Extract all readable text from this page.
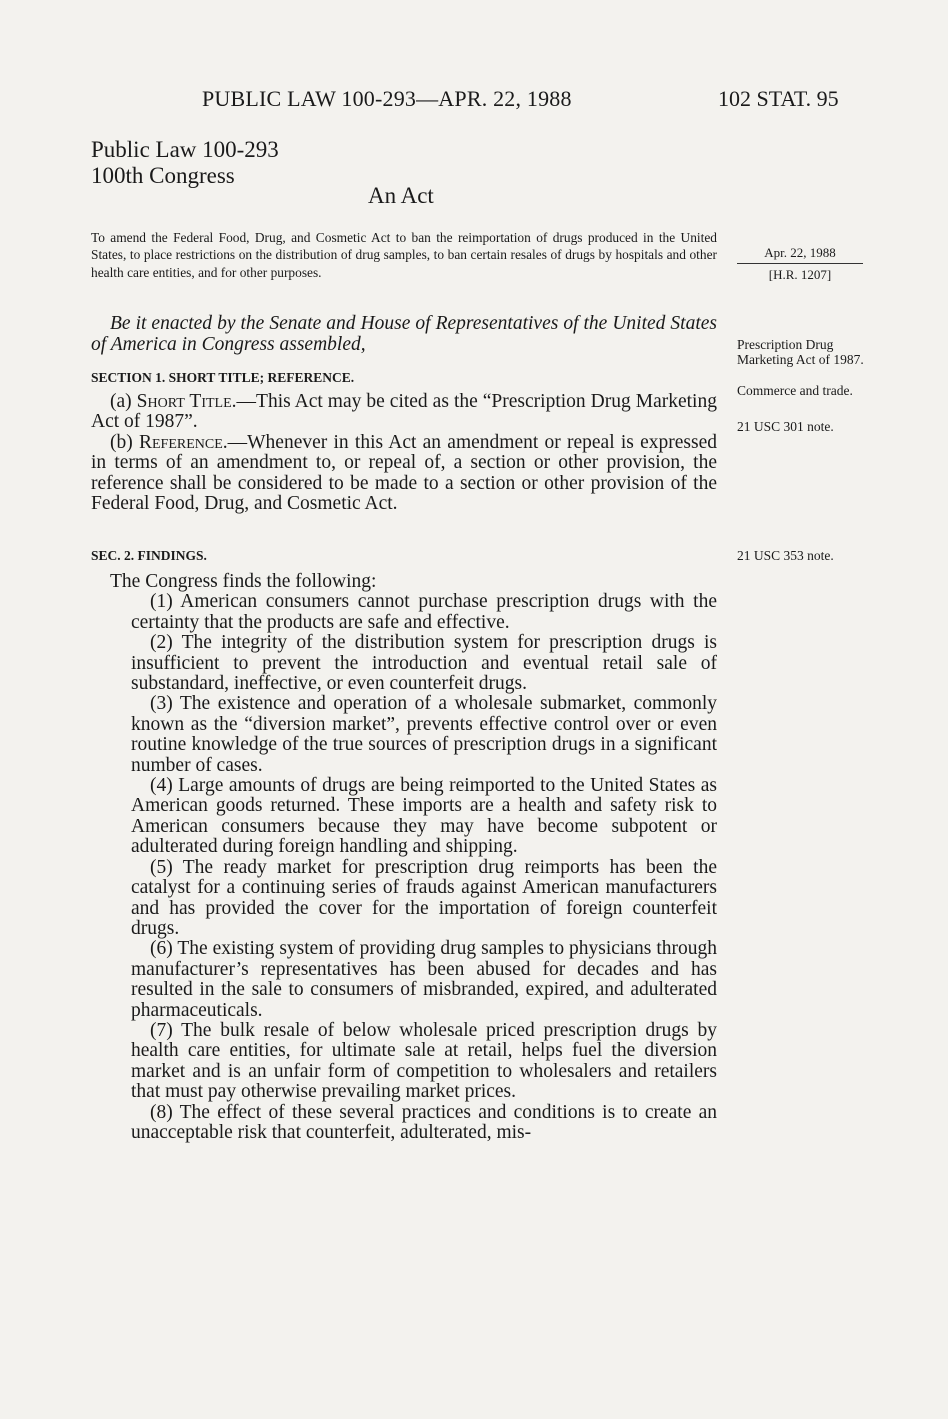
PUBLIC LAW 100-293—APR. 22, 1988	102 STAT. 95
Public Law 100-293
100th Congress
An Act
To amend the Federal Food, Drug, and Cosmetic Act to ban the reimportation of drugs produced in the United States, to place restrictions on the distribution of drug samples, to ban certain resales of drugs by hospitals and other health care entities, and for other purposes.
Apr. 22, 1988
[H.R. 1207]
Be it enacted by the Senate and House of Representatives of the United States of America in Congress assembled,
SECTION 1. SHORT TITLE; REFERENCE.

(a) Short Title.—This Act may be cited as the “Prescription Drug Marketing Act of 1987”.

(b) Reference.—Whenever in this Act an amendment or repeal is expressed in terms of an amendment to, or repeal of, a section or other provision, the reference shall be considered to be made to a section or other provision of the Federal Food, Drug, and Cosmetic Act.

Prescription Drug Marketing Act of 1987.
Commerce and trade.
21 USC 301 note.
SEC. 2. FINDINGS.	21 USC 353 note.

The Congress finds the following:

(1) American consumers cannot purchase prescription drugs with the certainty that the products are safe and effective.

(2) The integrity of the distribution system for prescription drugs is insufficient to prevent the introduction and eventual retail sale of substandard, ineffective, or even counterfeit drugs.

(3) The existence and operation of a wholesale submarket, commonly known as the “diversion market”, prevents effective control over or even routine knowledge of the true sources of prescription drugs in a significant number of cases.

(4) Large amounts of drugs are being reimported to the United States as American goods returned. These imports are a health and safety risk to American consumers because they may have become subpotent or adulterated during foreign handling and shipping.

(5) The ready market for prescription drug reimports has been the catalyst for a continuing series of frauds against American manufacturers and has provided the cover for the importation of foreign counterfeit drugs.

(6) The existing system of providing drug samples to physicians through manufacturer’s representatives has been abused for decades and has resulted in the sale to consumers of misbranded, expired, and adulterated pharmaceuticals.

(7) The bulk resale of below wholesale priced prescription drugs by health care entities, for ultimate sale at retail, helps fuel the diversion market and is an unfair form of competition to wholesalers and retailers that must pay otherwise prevailing market prices.

(8) The effect of these several practices and conditions is to create an unacceptable risk that counterfeit, adulterated, mis-
